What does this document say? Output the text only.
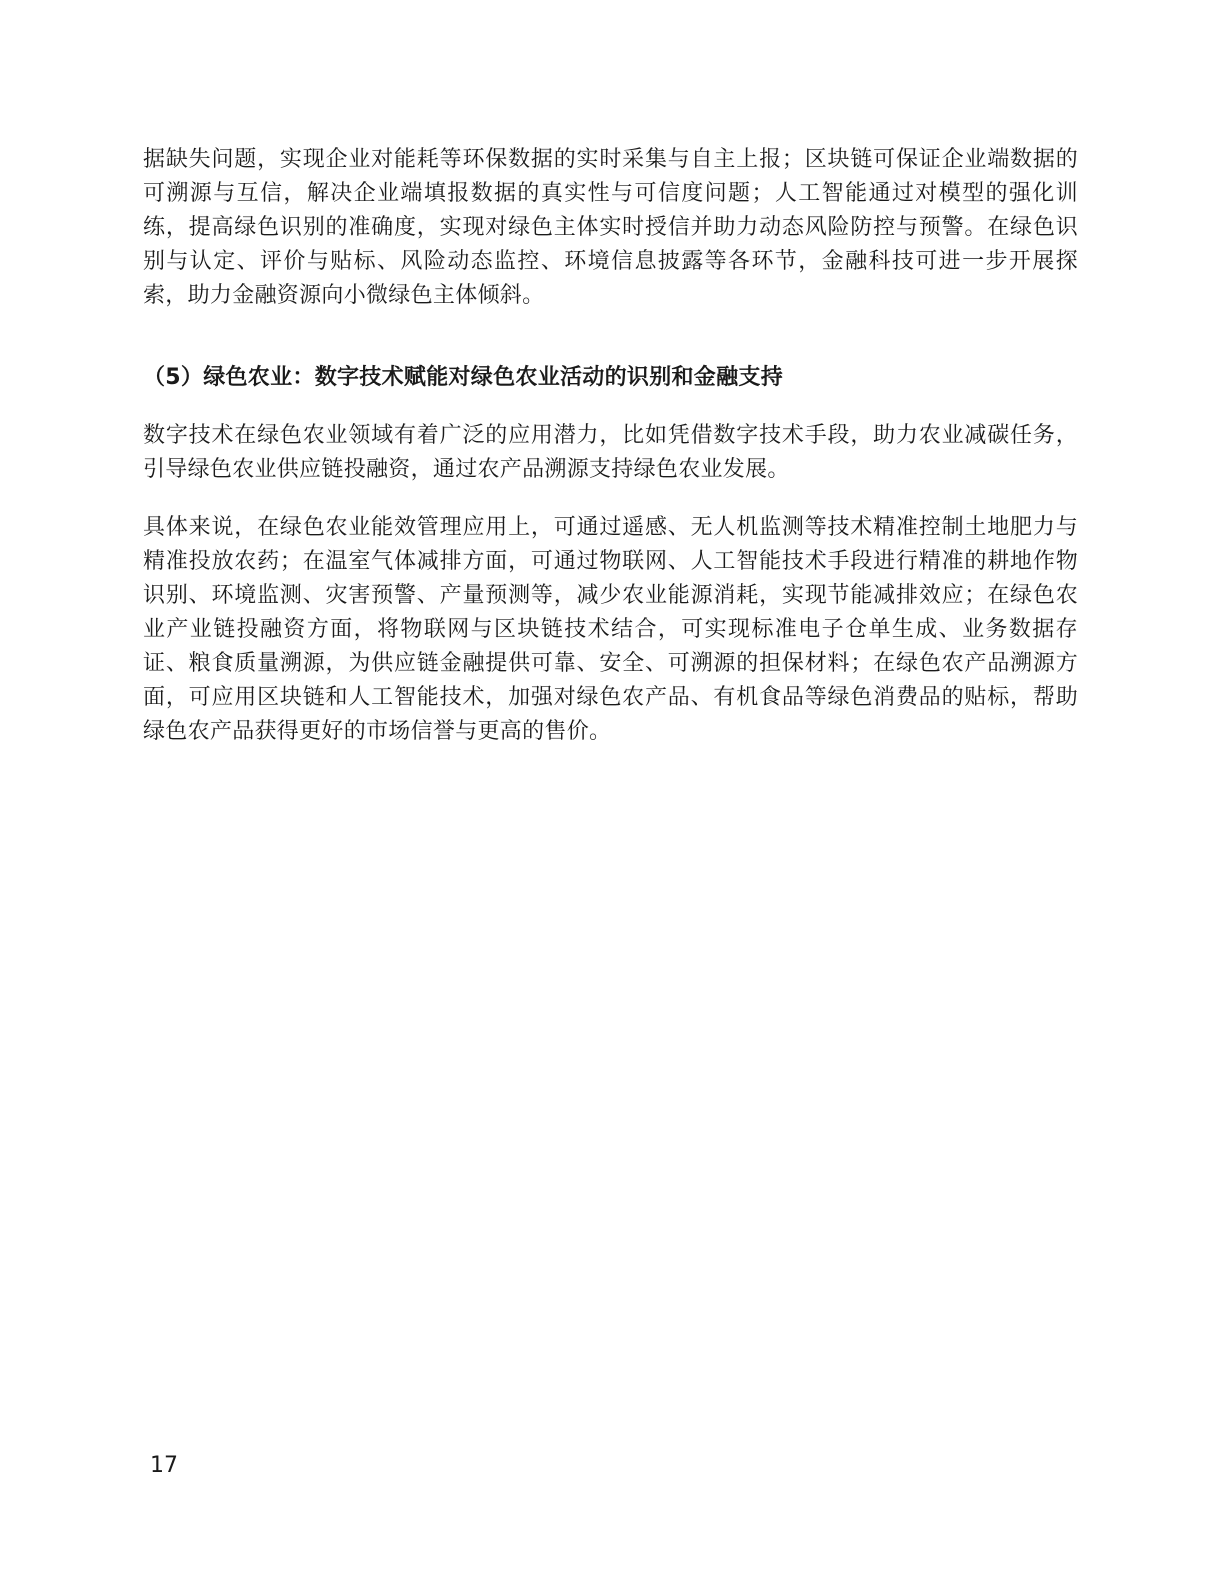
据缺失问题，实现企业对能耗等环保数据的实时采集与自主上报；区块链可保证企业端数据的可溯源与互信，解决企业端填报数据的真实性与可信度问题；人工智能通过对模型的强化训练，提高绿色识别的准确度，实现对绿色主体实时授信并助力动态风险防控与预警。在绿色识别与认定、评价与贴标、风险动态监控、环境信息披露等各环节，金融科技可进一步开展探索，助力金融资源向小微绿色主体倾斜。

（5）绿色农业：数字技术赋能对绿色农业活动的识别和金融支持

数字技术在绿色农业领域有着广泛的应用潜力，比如凭借数字技术手段，助力农业减碳任务，引导绿色农业供应链投融资，通过农产品溯源支持绿色农业发展。

具体来说，在绿色农业能效管理应用上，可通过遥感、无人机监测等技术精准控制土地肥力与精准投放农药；在温室气体减排方面，可通过物联网、人工智能技术手段进行精准的耕地作物识别、环境监测、灾害预警、产量预测等，减少农业能源消耗，实现节能减排效应；在绿色农业产业链投融资方面，将物联网与区块链技术结合，可实现标准电子仓单生成、业务数据存证、粮食质量溯源，为供应链金融提供可靠、安全、可溯源的担保材料；在绿色农产品溯源方面，可应用区块链和人工智能技术，加强对绿色农产品、有机食品等绿色消费品的贴标，帮助绿色农产品获得更好的市场信誉与更高的售价。

17
